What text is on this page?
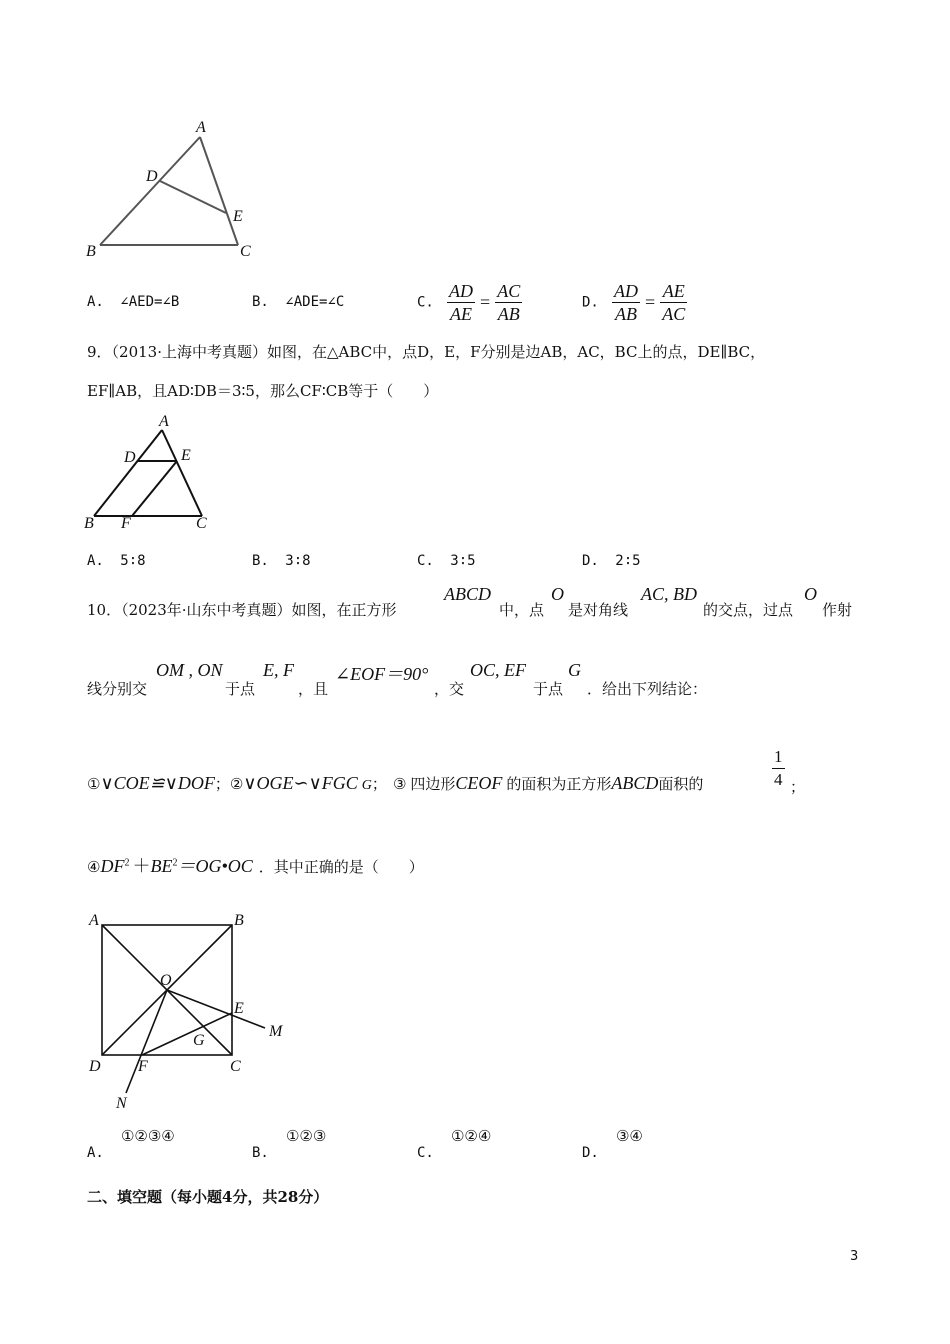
A
D
E
B	C
A. ∠AED=∠B	B. ∠ADE=∠C	C. $\frac{AD}{AE} = \frac{AC}{AB}$	D. $\frac{AD}{AB} = \frac{AE}{AC}$
9．（2013·上海中考真题）如图，在△ABC中，点D，E，F分别是边AB，AC，BC上的点，DE∥BC，
EF∥AB，且AD∶DB＝3∶5，那么CF∶CB等于（　　）
A
D	E
B F	C
A. 5∶8	B. 3∶8	C. 3∶5	D. 2∶5
10．（2023年·山东中考真题）如图，在正方形
ABCD
中，点
O
是对角线
AC, BD
的交点，过点
O
作射
线分别交
OM , ON
于点
E, F
，且
∠EOF＝90°
，交
OC, EF
于点
G
．给出下列结论：
①∨COE≌∨DOF；②∨OGE∽∨FGC G； ③ 四边形CEOF 的面积为正方形ABCD面积的	$\frac{1}{4}$ ；
$④DF^2$ $+BE^2=OG•OC$ ．其中正确的是（　　）
A	B
D	C
O
E
F
G
M
N
A. ①②③④
B. ①②③
C. ①②④
D. ③④
二、填空题（每小题4分，共28分）
3
